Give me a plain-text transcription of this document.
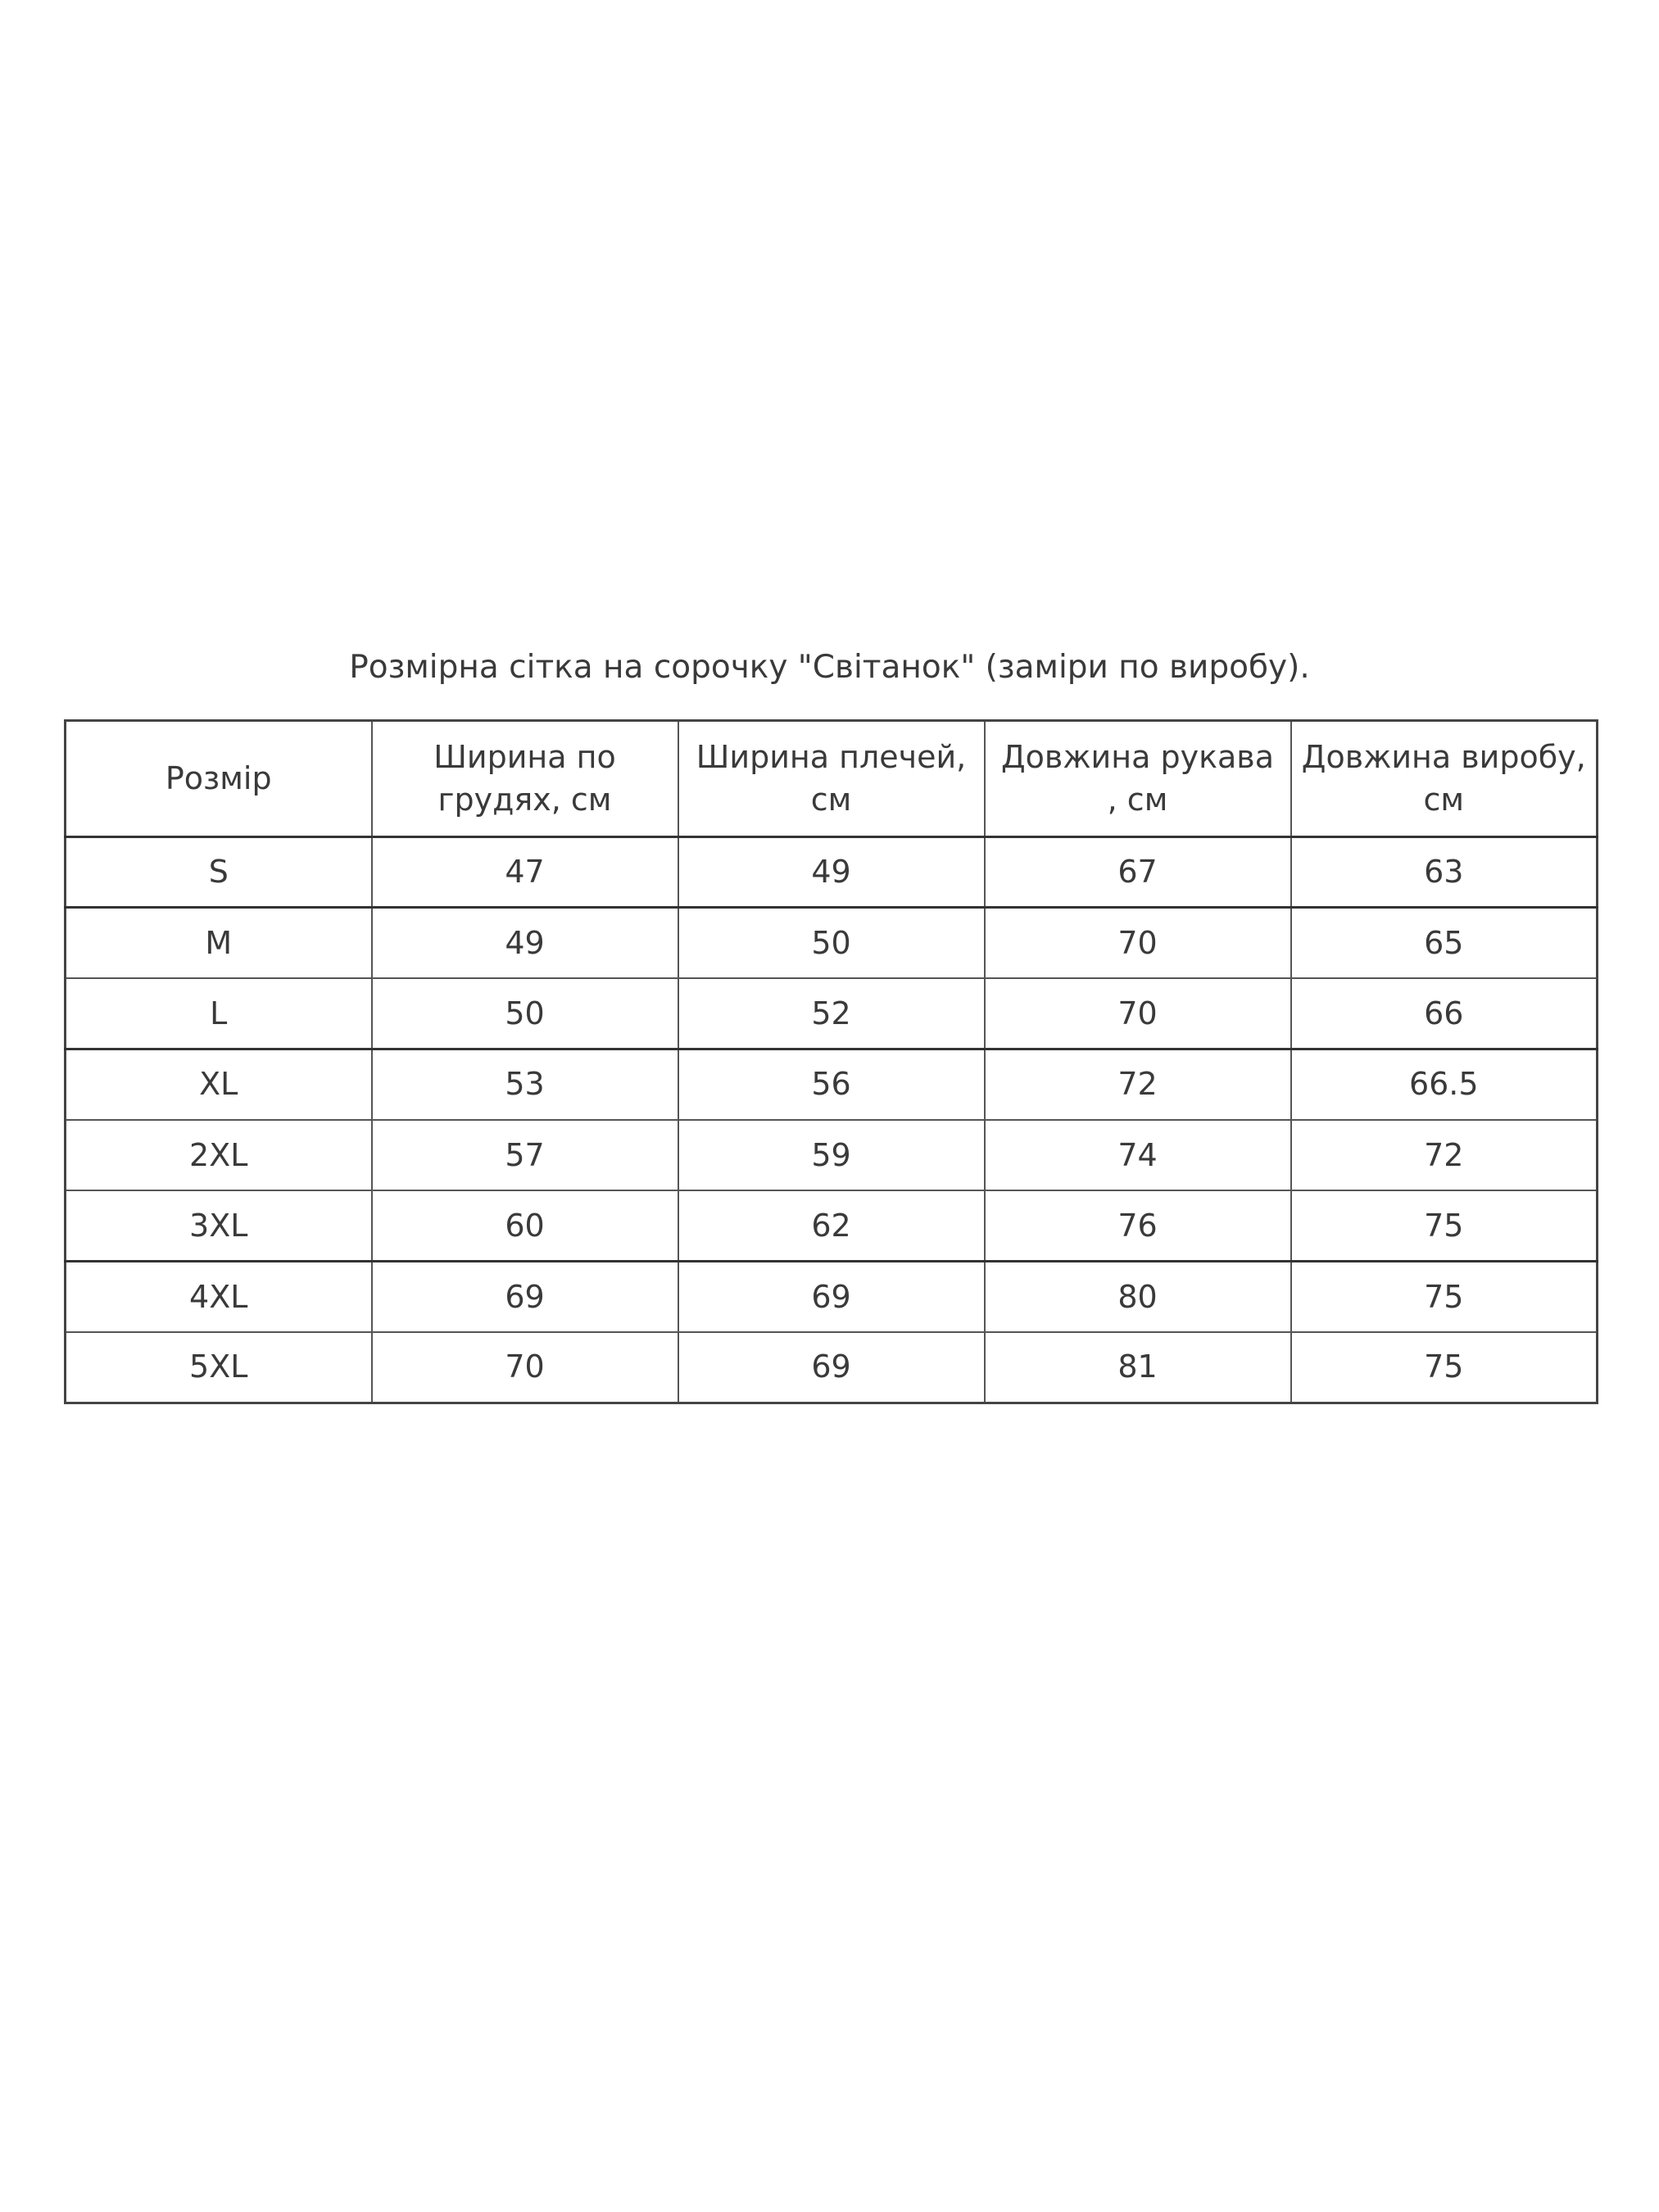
Розмірна сітка на сорочку "Світанок" (заміри по виробу).
Розмір	Ширина по грудях, см	Ширина плечей, см	Довжина рукава , см	Довжина виробу, см
S	47	49	67	63
M	49	50	70	65
L	50	52	70	66
XL	53	56	72	66.5
2XL	57	59	74	72
3XL	60	62	76	75
4XL	69	69	80	75
5XL	70	69	81	75
